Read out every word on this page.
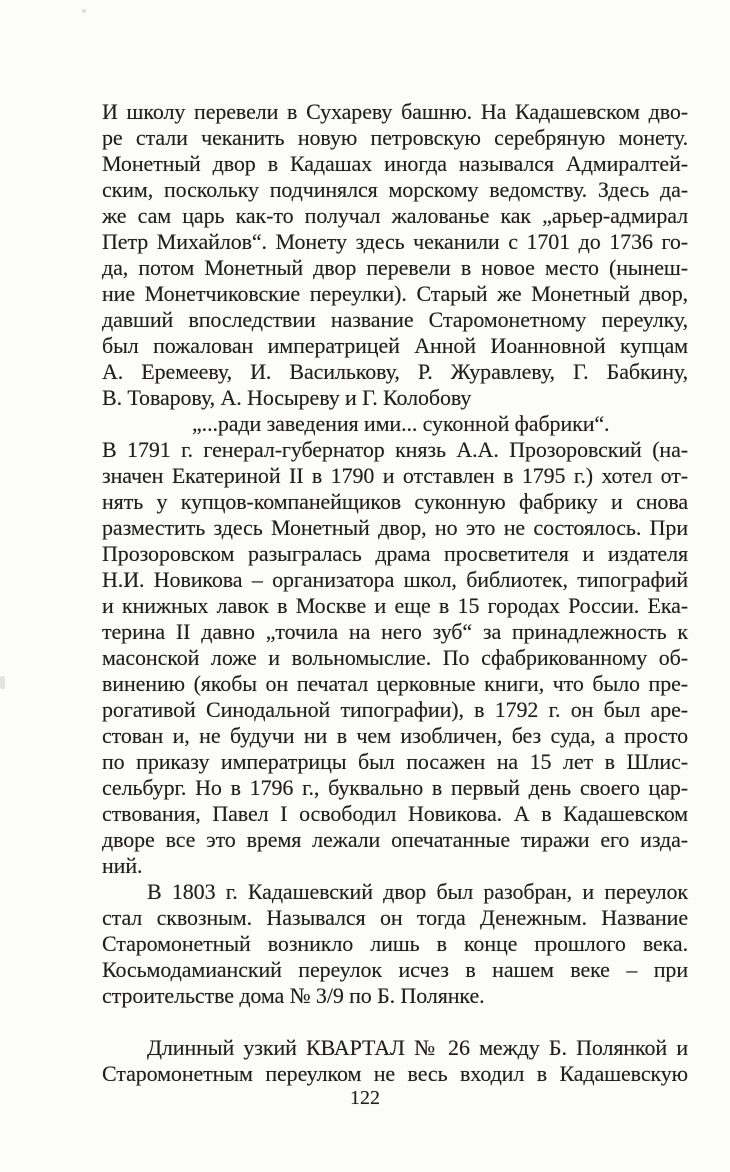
И школу перевели в Сухареву башню. На Кадашевском дво-
ре стали чеканить новую петровскую серебряную монету.
Монетный двор в Кадашах иногда назывался Адмиралтей-
ским, поскольку подчинялся морскому ведомству. Здесь да-
же сам царь как-то получал жалованье как „арьер-адмирал
Петр Михайлов“. Монету здесь чеканили с 1701 до 1736 го-
да, потом Монетный двор перевели в новое место (нынеш-
ние Монетчиковские переулки). Старый же Монетный двор,
давший впоследствии название Старомонетному переулку,
был пожалован императрицей Анной Иоанновной купцам
А. Еремееву, И. Василькову, Р. Журавлеву, Г. Бабкину,
В. Товарову, А. Носыреву и Г. Колобову
„...ради заведения ими... суконной фабрики“.
В 1791 г. генерал-губернатор князь А.А. Прозоровский (на-
значен Екатериной II в 1790 и отставлен в 1795 г.) хотел от-
нять у купцов-компанейщиков суконную фабрику и снова
разместить здесь Монетный двор, но это не состоялось. При
Прозоровском разыгралась драма просветителя и издателя
Н.И. Новикова – организатора школ, библиотек, типографий
и книжных лавок в Москве и еще в 15 городах России. Ека-
терина II давно „точила на него зуб“ за принадлежность к
масонской ложе и вольномыслие. По сфабрикованному об-
винению (якобы он печатал церковные книги, что было пре-
рогативой Синодальной типографии), в 1792 г. он был аре-
стован и, не будучи ни в чем изобличен, без суда, а просто
по приказу императрицы был посажен на 15 лет в Шлис-
сельбург. Но в 1796 г., буквально в первый день своего цар-
ствования, Павел I освободил Новикова. А в Кадашевском
дворе все это время лежали опечатанные тиражи его изда-
ний.
В 1803 г. Кадашевский двор был разобран, и переулок
стал сквозным. Назывался он тогда Денежным. Название
Старомонетный возникло лишь в конце прошлого века.
Косьмодамианский переулок исчез в нашем веке – при
строительстве дома № 3/9 по Б. Полянке.
Длинный узкий КВАРТАЛ № 26 между Б. Полянкой и
Старомонетным переулком не весь входил в Кадашевскую
122
